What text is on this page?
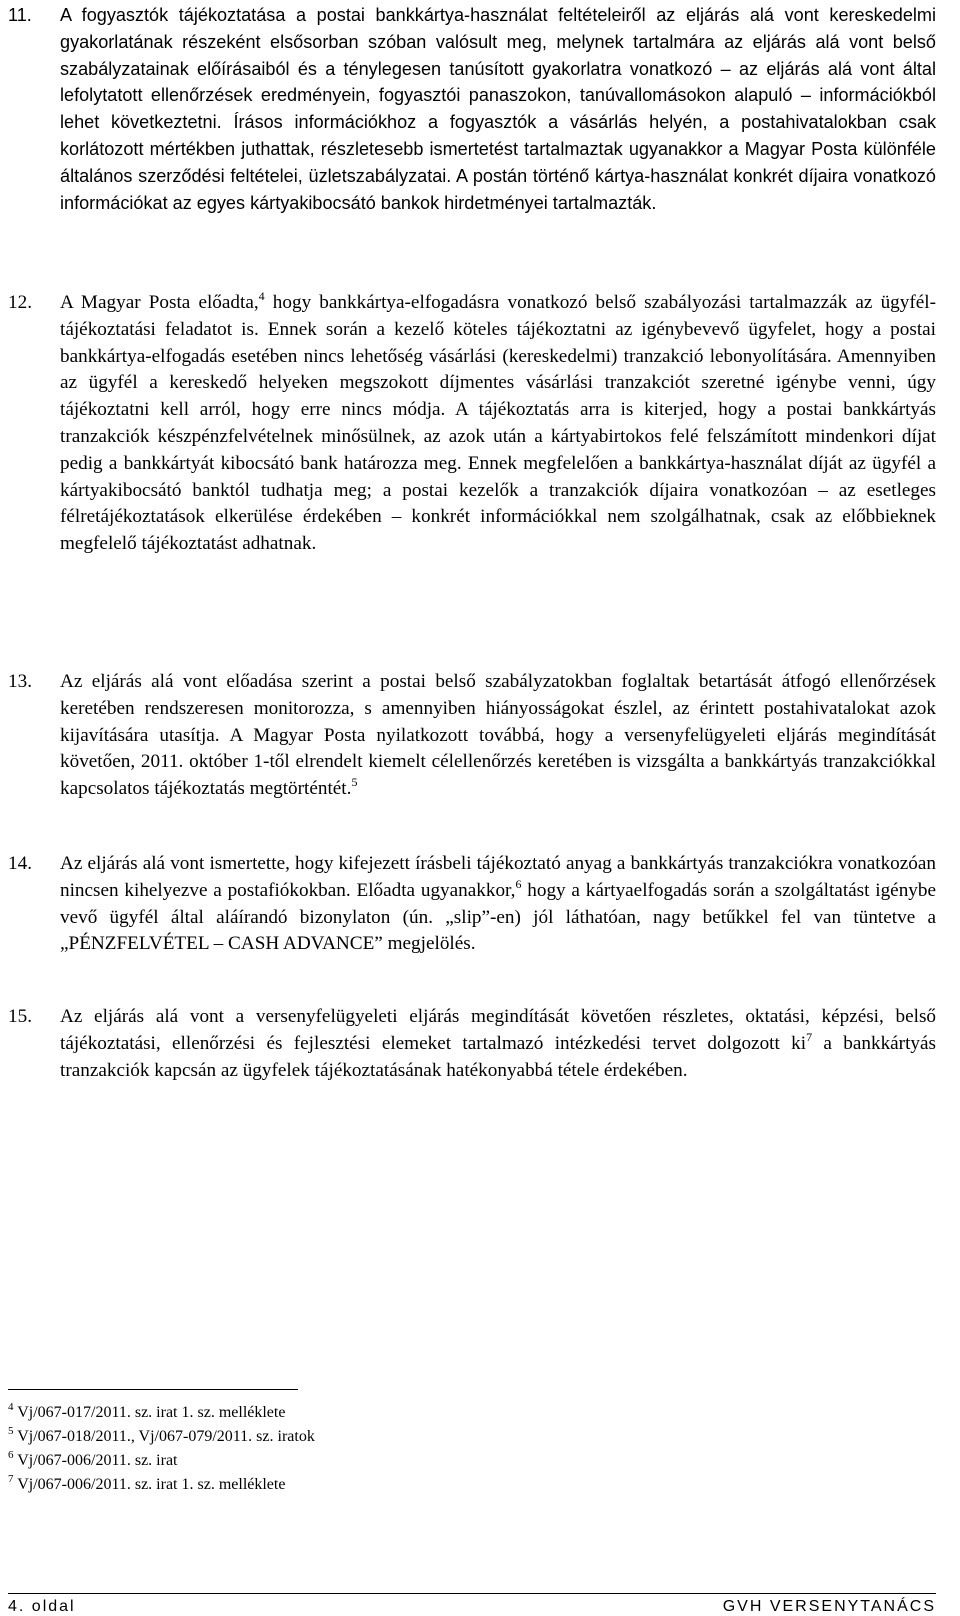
11.	A fogyasztók tájékoztatása a postai bankkártya-használat feltételeiről az eljárás alá vont kereskedelmi gyakorlatának részeként elsősorban szóban valósult meg, melynek tartalmára az eljárás alá vont belső szabályzatainak előírásaiból és a ténylegesen tanúsított gyakorlatra vonatkozó – az eljárás alá vont által lefolytatott ellenőrzések eredményein, fogyasztói panaszokon, tanúvallomásokon alapuló – információkból lehet következtetni. Írásos információkhoz a fogyasztók a vásárlás helyén, a postahivatalokban csak korlátozott mértékben juthattak, részletesebb ismertetést tartalmaztak ugyanakkor a Magyar Posta különféle általános szerződési feltételei, üzletszabályzatai. A postán történő kártya-használat konkrét díjaira vonatkozó információkat az egyes kártyakibocsátó bankok hirdetményei tartalmazták.
12.	A Magyar Posta előadta,$^4$ hogy bankkártya-elfogadásra vonatkozó belső szabályozási tartalmazzák az ügyfél-tájékoztatási feladatot is. Ennek során a kezelő köteles tájékoztatni az igénybevevő ügyfelet, hogy a postai bankkártya-elfogadás esetében nincs lehetőség vásárlási (kereskedelmi) tranzakció lebonyolítására. Amennyiben az ügyfél a kereskedő helyeken megszokott díjmentes vásárlási tranzakciót szeretné igénybe venni, úgy tájékoztatni kell arról, hogy erre nincs módja. A tájékoztatás arra is kiterjed, hogy a postai bankkártyás tranzakciók készpénzfelvételnek minősülnek, az azok után a kártyabirtokos felé felszámított mindenkori díjat pedig a bankkártyát kibocsátó bank határozza meg. Ennek megfelelően a bankkártya-használat díját az ügyfél a kártyakibocsátó banktól tudhatja meg; a postai kezelők a tranzakciók díjaira vonatkozóan – az esetleges félretájékoztatások elkerülése érdekében – konkrét információkkal nem szolgálhatnak, csak az előbbieknek megfelelő tájékoztatást adhatnak.
13.	Az eljárás alá vont előadása szerint a postai belső szabályzatokban foglaltak betartását átfogó ellenőrzések keretében rendszeresen monitorozza, s amennyiben hiányosságokat észlel, az érintett postahivatalokat azok kijavítására utasítja. A Magyar Posta nyilatkozott továbbá, hogy a versenyfelügyeleti eljárás megindítását követően, 2011. október 1-től elrendelt kiemelt célellenőrzés keretében is vizsgálta a bankkártyás tranzakciókkal kapcsolatos tájékoztatás megtörténtét.$^5$
14.	Az eljárás alá vont ismertette, hogy kifejezett írásbeli tájékoztató anyag a bankkártyás tranzakciókra vonatkozóan nincsen kihelyezve a postafiókokban. Előadta ugyanakkor,$^6$ hogy a kártyaelfogadás során a szolgáltatást igénybe vevő ügyfél által aláírandó bizonylaton (ún. „slip”-en) jól láthatóan, nagy betűkkel fel van tüntetve a „PÉNZFELVÉTEL – CASH ADVANCE” megjelölés.
15.	Az eljárás alá vont a versenyfelügyeleti eljárás megindítását követően részletes, oktatási, képzési, belső tájékoztatási, ellenőrzési és fejlesztési elemeket tartalmazó intézkedési tervet dolgozott $ki^7$ a bankkártyás tranzakciók kapcsán az ügyfelek tájékoztatásának hatékonyabbá tétele érdekében.
$^4$ Vj/067-017/2011. sz. irat 1. sz. melléklete
$^5$ Vj/067-018/2011., Vj/067-079/2011. sz. iratok
$^6$ Vj/067-006/2011. sz. irat
$^7$ Vj/067-006/2011. sz. irat 1. sz. melléklete
4. oldal	GVH VERSENYTANÁCS
